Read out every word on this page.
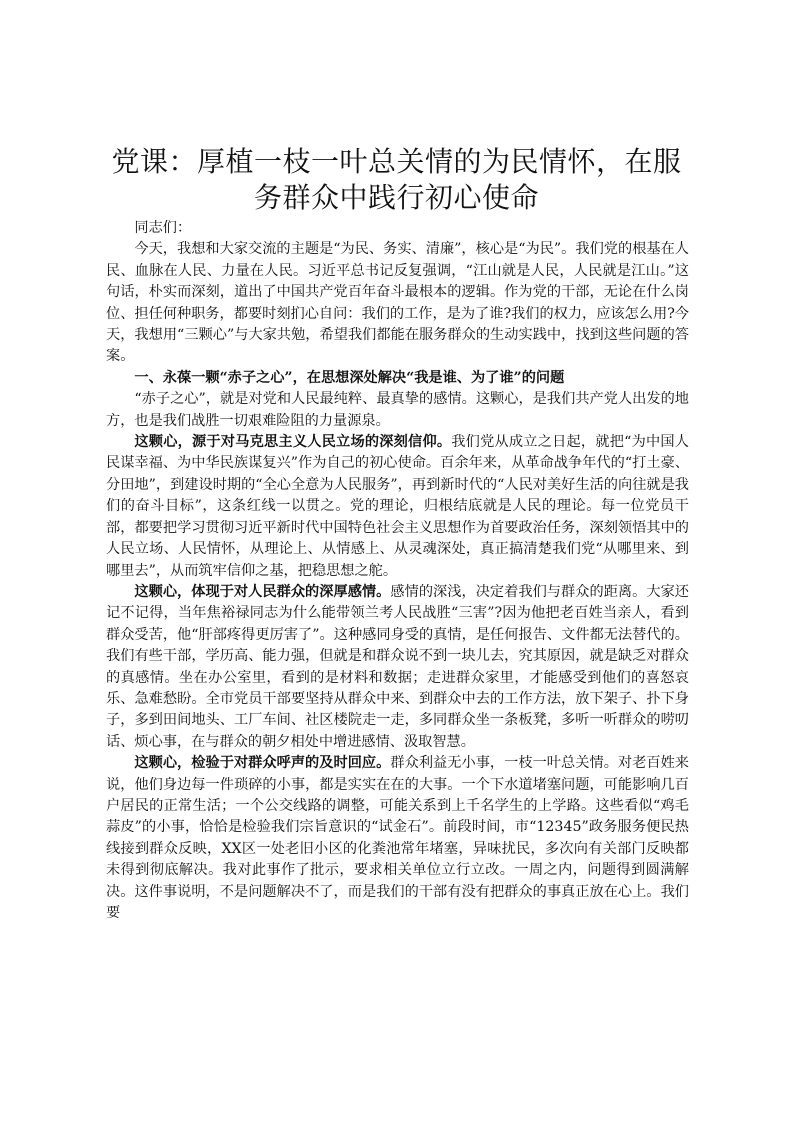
党课：厚植一枝一叶总关情的为民情怀，在服务群众中践行初心使命

同志们：

今天，我想和大家交流的主题是“为民、务实、清廉”，核心是“为民”。我们党的根基在人民、血脉在人民、力量在人民。习近平总书记反复强调，“江山就是人民，人民就是江山。”这句话，朴实而深刻，道出了中国共产党百年奋斗最根本的逻辑。作为党的干部，无论在什么岗位、担任何种职务，都要时刻扪心自问：我们的工作，是为了谁?我们的权力，应该怎么用?今天，我想用“三颗心”与大家共勉，希望我们都能在服务群众的生动实践中，找到这些问题的答案。

一、永葆一颗“赤子之心”，在思想深处解决“我是谁、为了谁”的问题

“赤子之心”，就是对党和人民最纯粹、最真挚的感情。这颗心，是我们共产党人出发的地方，也是我们战胜一切艰难险阻的力量源泉。

这颗心，源于对马克思主义人民立场的深刻信仰。我们党从成立之日起，就把“为中国人民谋幸福、为中华民族谋复兴”作为自己的初心使命。百余年来，从革命战争年代的“打土豪、分田地”，到建设时期的“全心全意为人民服务”，再到新时代的“人民对美好生活的向往就是我们的奋斗目标”，这条红线一以贯之。党的理论，归根结底就是人民的理论。每一位党员干部，都要把学习贯彻习近平新时代中国特色社会主义思想作为首要政治任务，深刻领悟其中的人民立场、人民情怀，从理论上、从情感上、从灵魂深处，真正搞清楚我们党“从哪里来、到哪里去”，从而筑牢信仰之基，把稳思想之舵。

这颗心，体现于对人民群众的深厚感情。感情的深浅，决定着我们与群众的距离。大家还记不记得，当年焦裕禄同志为什么能带领兰考人民战胜“三害”?因为他把老百姓当亲人，看到群众受苦，他“肝部疼得更厉害了”。这种感同身受的真情，是任何报告、文件都无法替代的。我们有些干部，学历高、能力强，但就是和群众说不到一块儿去，究其原因，就是缺乏对群众的真感情。坐在办公室里，看到的是材料和数据；走进群众家里，才能感受到他们的喜怒哀乐、急难愁盼。全市党员干部要坚持从群众中来、到群众中去的工作方法，放下架子、扑下身子，多到田间地头、工厂车间、社区楼院走一走，多同群众坐一条板凳，多听一听群众的唠叨话、烦心事，在与群众的朝夕相处中增进感情、汲取智慧。

这颗心，检验于对群众呼声的及时回应。群众利益无小事，一枝一叶总关情。对老百姓来说，他们身边每一件琐碎的小事，都是实实在在的大事。一个下水道堵塞问题，可能影响几百户居民的正常生活；一个公交线路的调整，可能关系到上千名学生的上学路。这些看似“鸡毛蒜皮”的小事，恰恰是检验我们宗旨意识的“试金石”。前段时间，市“12345”政务服务便民热线接到群众反映，XX区一处老旧小区的化粪池常年堵塞，异味扰民，多次向有关部门反映都未得到彻底解决。我对此事作了批示，要求相关单位立行立改。一周之内，问题得到圆满解决。这件事说明，不是问题解决不了，而是我们的干部有没有把群众的事真正放在心上。我们要
